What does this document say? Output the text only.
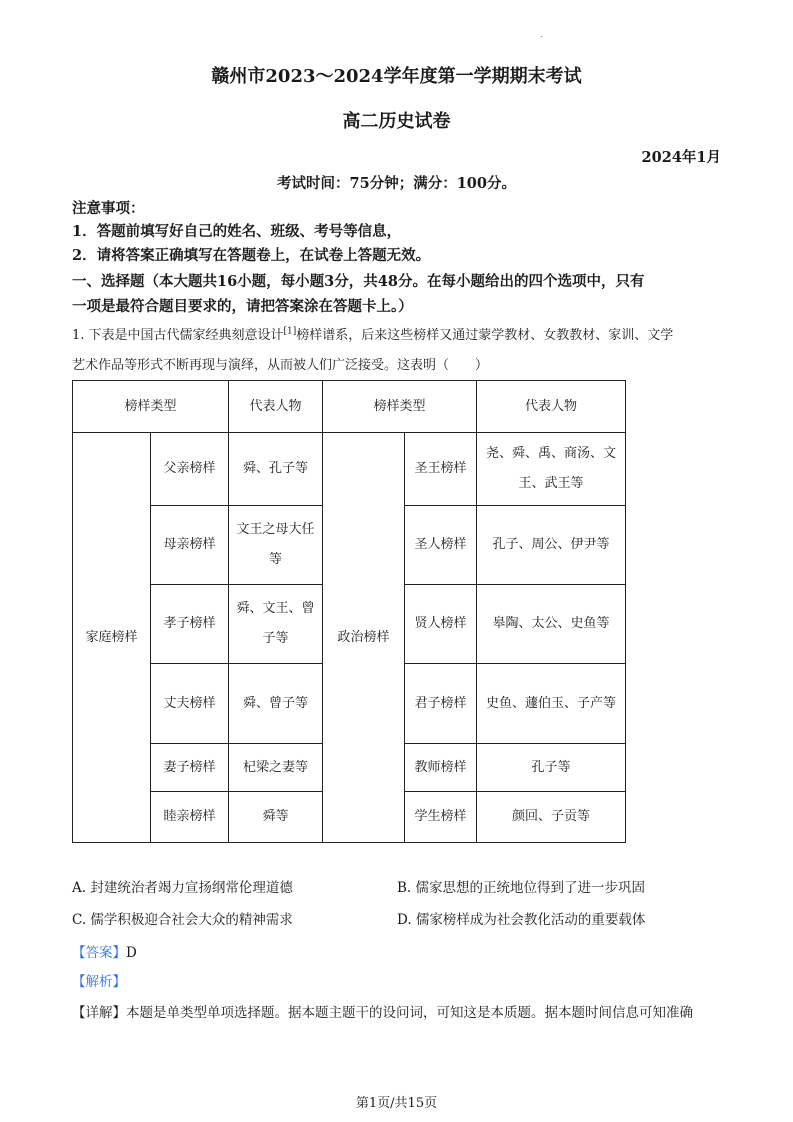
.
赣州市2023～2024学年度第一学期期末考试
高二历史试卷
2024年1月
考试时间：75分钟；满分：100分。
注意事项：
1．答题前填写好自己的姓名、班级、考号等信息，
2．请将答案正确填写在答题卷上，在试卷上答题无效。
一、选择题（本大题共16小题，每小题3分，共48分。在每小题给出的四个选项中，只有
一项是最符合题目要求的，请把答案涂在答题卡上。）
1. 下表是中国古代儒家经典刻意设计[1]榜样谱系，后来这些榜样又通过蒙学教材、女教教材、家训、文学
艺术作品等形式不断再现与演绎，从而被人们广泛接受。这表明（　　）
榜样类型		代表人物	榜样类型		代表人物
家庭榜样	父亲榜样	舜、孔子等	政治榜样	圣王榜样	尧、舜、禹、商汤、文王、武王等
	母亲榜样	文王之母大任等		圣人榜样	孔子、周公、伊尹等
	孝子榜样	舜、文王、曾子等		贤人榜样	皋陶、太公、史鱼等
	丈夫榜样	舜、曾子等		君子榜样	史鱼、蘧伯玉、子产等
	妻子榜样	杞梁之妻等		教师榜样	孔子等
	睦亲榜样	舜等		学生榜样	颜回、子贡等
A. 封建统治者竭力宣扬纲常伦理道德	B. 儒家思想的正统地位得到了进一步巩固
C. 儒学积极迎合社会大众的精神需求	D. 儒家榜样成为社会教化活动的重要载体
【答案】D
【解析】
【详解】本题是单类型单项选择题。据本题主题干的设问词，可知这是本质题。据本题时间信息可知准确
第1页/共15页
